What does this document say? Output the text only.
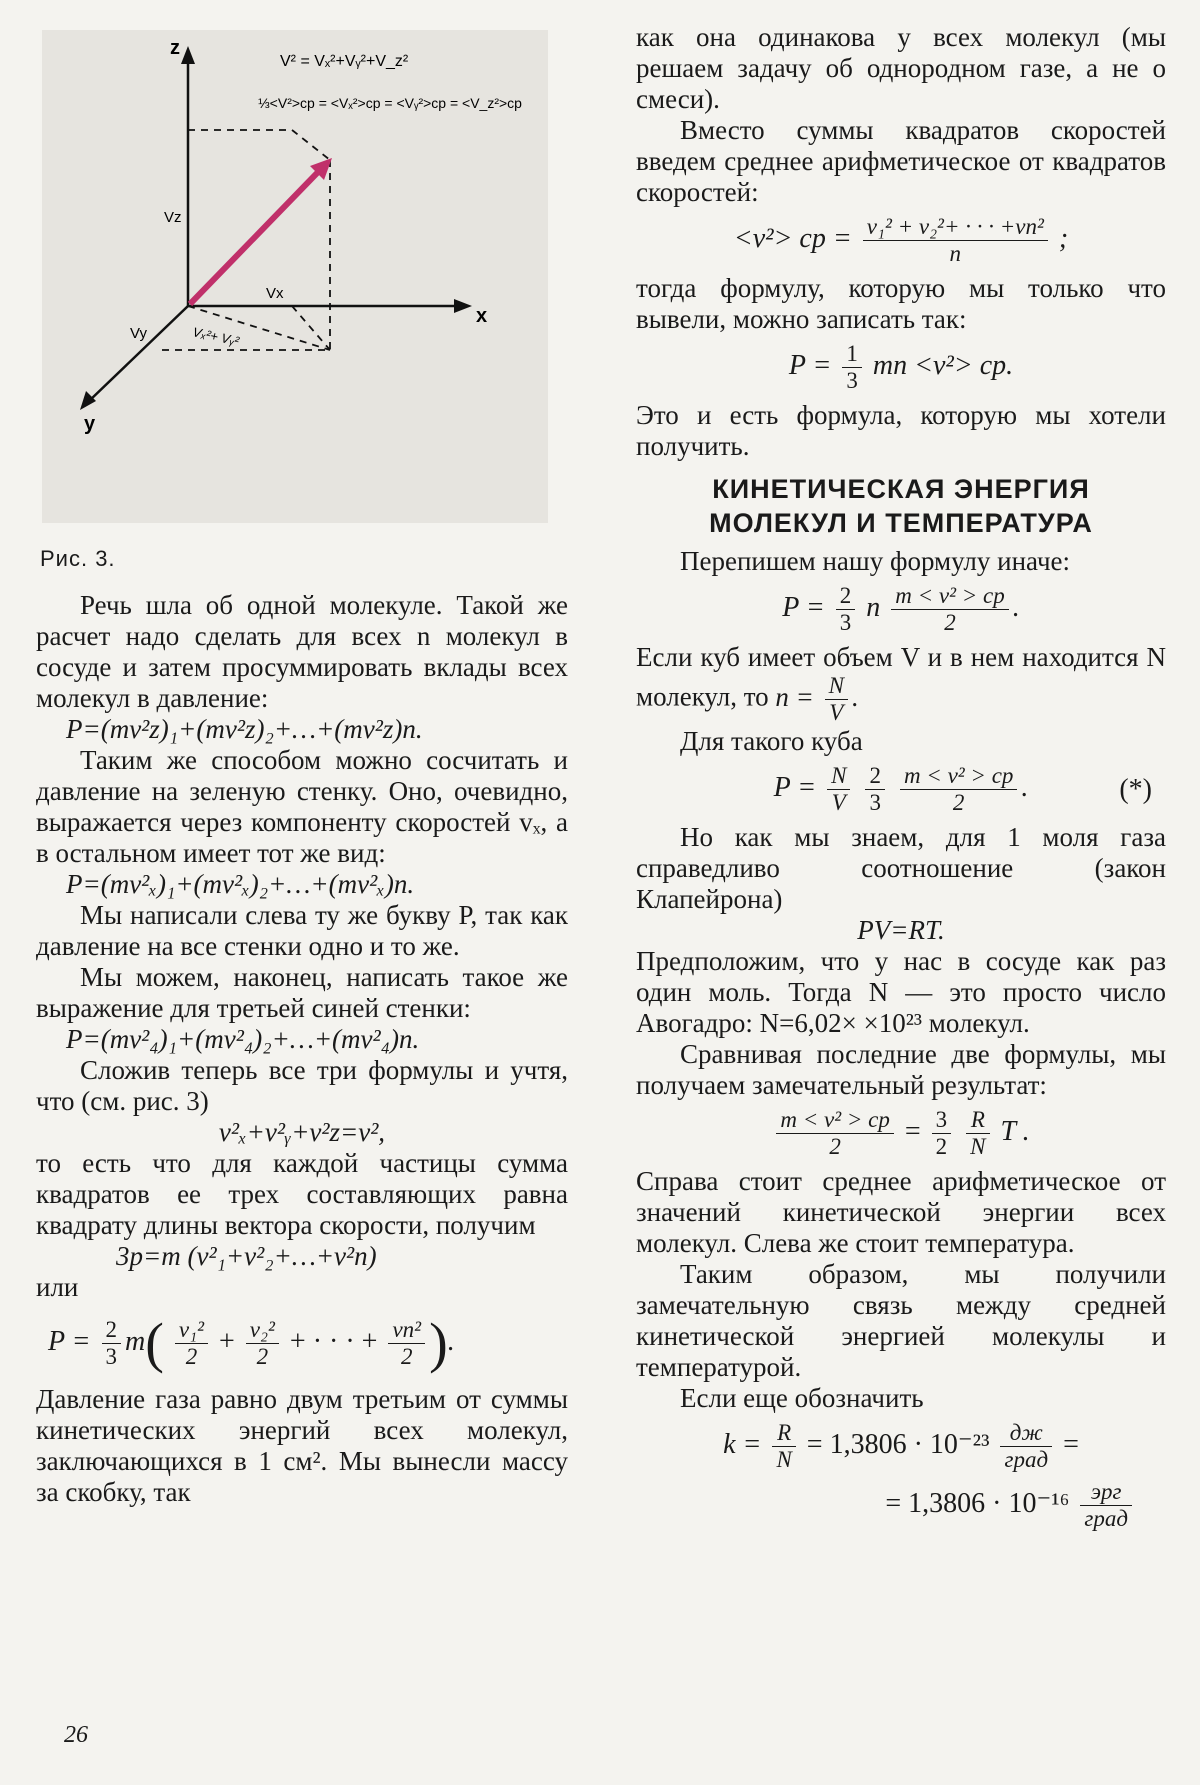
z
x
y
Vz
Vx
Vy	Vₓ²+ Vᵧ²
V² = Vₓ²+Vᵧ²+V_z²
⅓<V²>ср = <Vₓ²>ср = <Vᵧ²>ср = <V_z²>ср
Рис. 3.

Речь шла об одной молекуле. Такой же расчет надо сделать для всех n молекул в сосуде и затем просуммировать вклады всех молекул в давление:

P=(mv²z)₁+(mv²z)₂+…+(mv²z)n.

Таким же способом можно сосчитать и давление на зеленую стенку. Оно, очевидно, выражается через компоненту скоростей vₓ, а в остальном имеет тот же вид:

P=(mv²ₓ)₁+(mv²ₓ)₂+…+(mv²ₓ)n.

Мы написали слева ту же букву P, так как давление на все стенки одно и то же.

Мы можем, наконец, написать такое же выражение для третьей синей стенки:

P=(mv²₄)₁+(mv²₄)₂+…+(mv²₄)n.

Сложив теперь все три формулы и учтя, что (см. рис. 3)

v²ₓ+v²ᵧ+v²z=v²,

то есть что для каждой частицы сумма квадратов ее трех составляющих равна квадрату длины вектора скорости, получим

3p=m (v²₁+v²₂+…+v²n)

или

$P = \frac{2}{3} m( \frac{\text{v₁²}}{2} + \frac{\text{v₂²}}{2}$ + · · · + $\frac{\text{vn²}}{2}$ ).

Давление газа равно двум третьим от суммы кинетических энергий всех молекул, заключающихся в 1 см². Мы вынесли массу за скобку, так

как она одинакова у всех молекул (мы решаем задачу об однородном газе, а не о смеси).

Вместо суммы квадратов скоростей введем среднее арифметическое от квадратов скоростей:

<v²> ср = $\frac{\text{v₁² + v₂²+ · · · +vn²}}{n}$ ;

тогда формулу, которую мы только что вывели, можно записать так:

$P = \frac{1}{3}$ mn <v²> ср.

Это и есть формула, которую мы хотели получить.

КИНЕТИЧЕСКАЯ ЭНЕРГИЯ
МОЛЕКУЛ И ТЕМПЕРАТУРА

Перепишем нашу формулу иначе:

$P = \frac{2}{3}$ n $\frac{\text{m < v² > ср}}{2}$ .

Если куб имеет объем V и в нем находится N молекул, то $n = \frac{N}{V}$ .

Для такого куба

$P = \frac{N}{V}$
$\frac{2}{3}$
$\frac{\text{m < v² > ср}}{2}$ .	(*)

Но как мы знаем, для 1 моля газа справедливо соотношение (закон Клапейрона)

PV=RT.

Предположим, что у нас в сосуде как раз один моль. Тогда N — это просто число Авогадро: N=6,02× ×10²³ молекул.

Сравнивая последние две формулы, мы получаем замечательный результат:

$\frac{\text{m < v² > ср}}{2} = \frac{3}{2}$
$\frac{R}{N}$ T .

Справа стоит среднее арифметическое от значений кинетической энергии всех молекул. Слева же стоит температура.

Таким образом, мы получили замечательную связь между средней кинетической энергией молекулы и температурой.

Если еще обозначить

$k = \frac{R}{N} = 1,3806 \cdot 10^{-23} \frac{дж}{\text{град}}$ =
= $1,3806 \cdot 10^{-16} \frac{\text{эрг}}{\text{град}}$
26
